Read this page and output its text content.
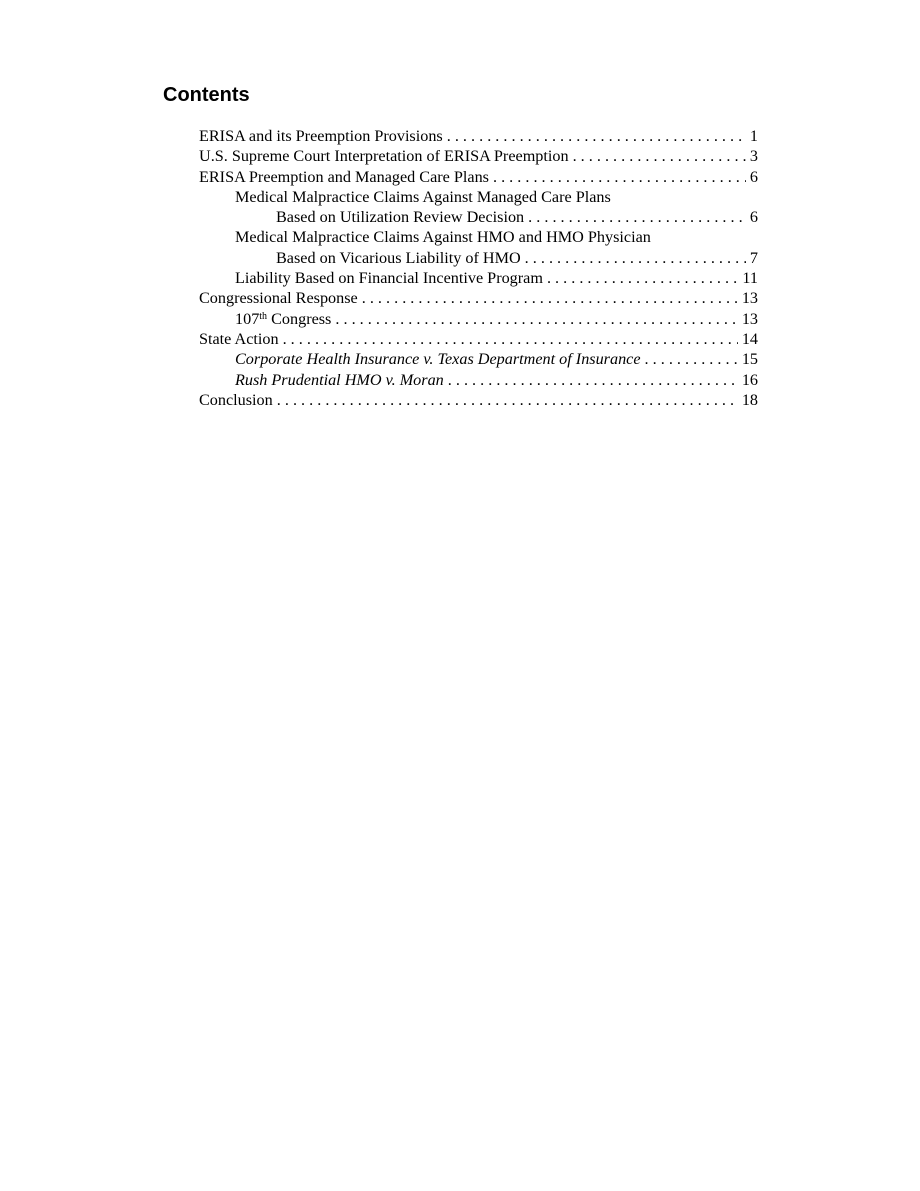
Contents
ERISA and its Preemption Provisions . . .	1
U.S. Supreme Court Interpretation of ERISA Preemption . . .	3
ERISA Preemption and Managed Care Plans . . .	6
Medical Malpractice Claims Against Managed Care Plans
Based on Utilization Review Decision . . .	6
Medical Malpractice Claims Against HMO and HMO Physician
Based on Vicarious Liability of HMO . . .	7
Liability Based on Financial Incentive Program . . .	11
Congressional Response . . .	13
107th Congress . . .	13
State Action . . .	14
Corporate Health Insurance v. Texas Department of Insurance . . .	15
Rush Prudential HMO v. Moran . . .	16
Conclusion . . .	18
